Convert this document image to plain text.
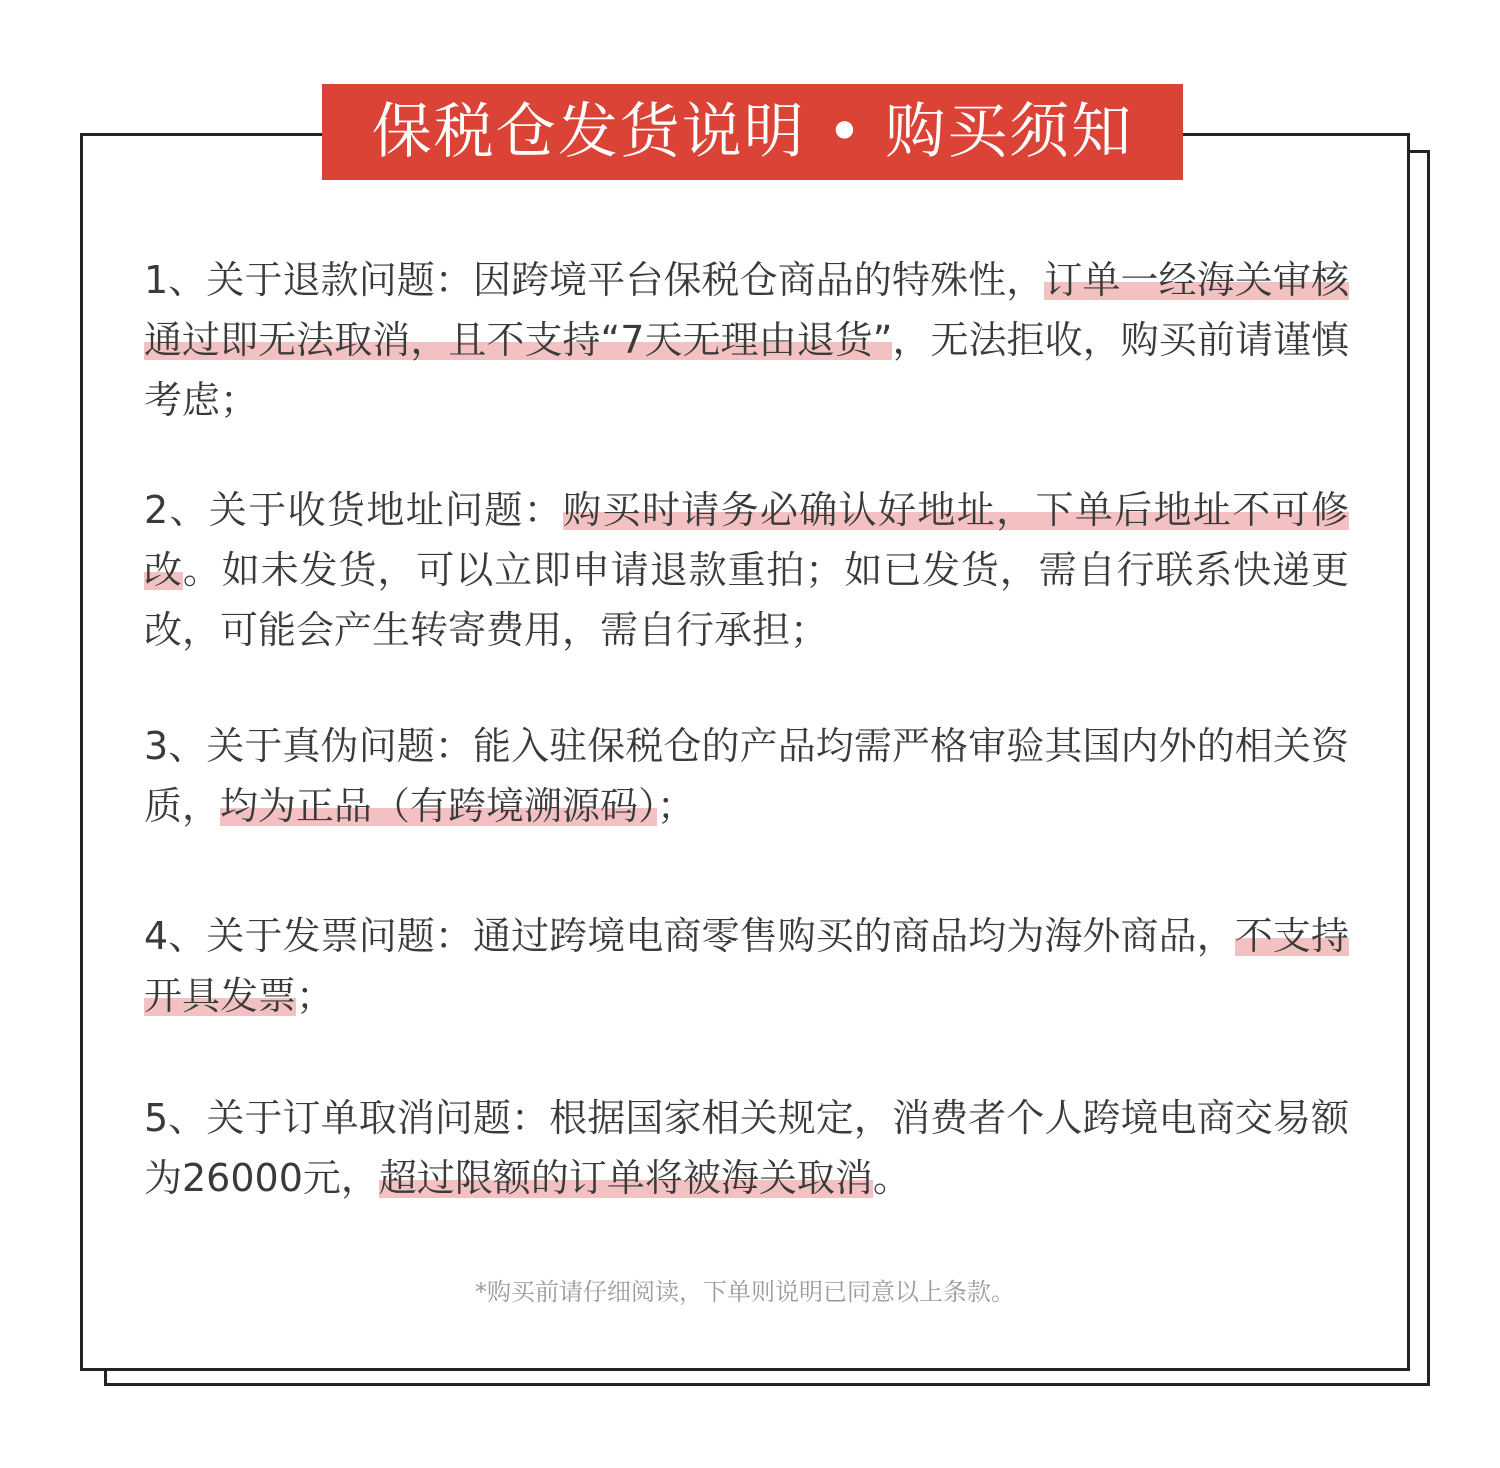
保税仓发货说明 • 购买须知

1、关于退款问题：因跨境平台保税仓商品的特殊性，订单一经海关审核通过即无法取消，且不支持“7天无理由退货”，无法拒收，购买前请谨慎考虑；

2、关于收货地址问题：购买时请务必确认好地址，下单后地址不可修改。如未发货，可以立即申请退款重拍；如已发货，需自行联系快递更改，可能会产生转寄费用，需自行承担；

3、关于真伪问题：能入驻保税仓的产品均需严格审验其国内外的相关资质，均为正品（有跨境溯源码）；

4、关于发票问题：通过跨境电商零售购买的商品均为海外商品，不支持开具发票；

5、关于订单取消问题：根据国家相关规定，消费者个人跨境电商交易额为26000元，超过限额的订单将被海关取消。

*购买前请仔细阅读，下单则说明已同意以上条款。
